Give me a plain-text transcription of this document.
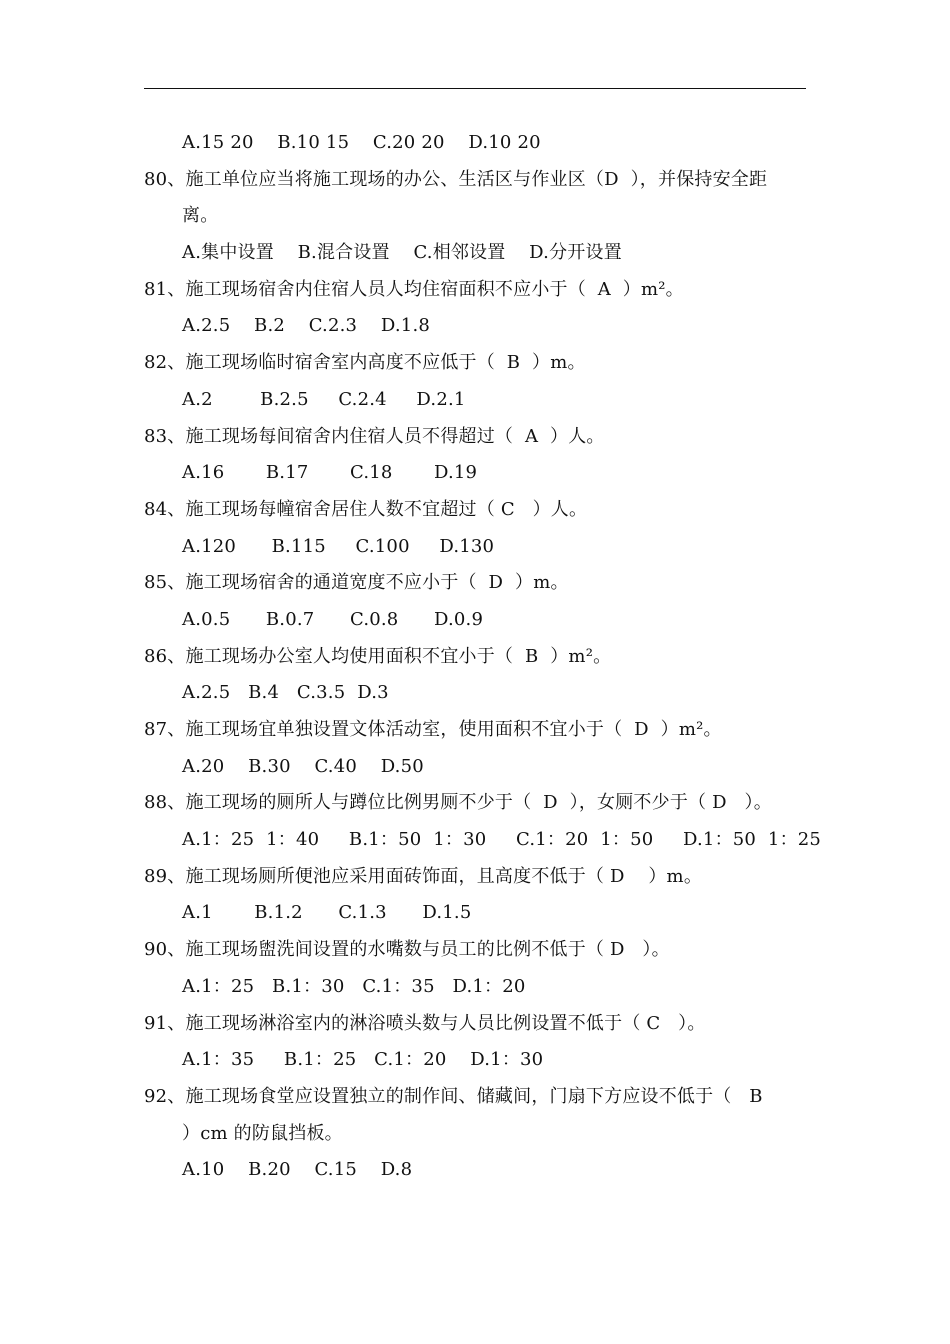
A.15 20    B.10 15    C.20 20    D.10 20
80、施工单位应当将施工现场的办公、生活区与作业区（D  ），并保持安全距
离。
A.集中设置    B.混合设置    C.相邻设置    D.分开设置
81、施工现场宿舍内住宿人员人均住宿面积不应小于（  A  ）m²。
A.2.5    B.2    C.2.3    D.1.8
82、施工现场临时宿舍室内高度不应低于（  B  ）m。
A.2        B.2.5     C.2.4     D.2.1
83、施工现场每间宿舍内住宿人员不得超过（  A  ）人。
A.16       B.17       C.18       D.19
84、施工现场每幢宿舍居住人数不宜超过（ C   ）人。
A.120      B.115     C.100     D.130
85、施工现场宿舍的通道宽度不应小于（  D  ）m。
A.0.5      B.0.7      C.0.8      D.0.9
86、施工现场办公室人均使用面积不宜小于（  B  ）m²。
A.2.5   B.4   C.3.5  D.3
87、施工现场宜单独设置文体活动室，使用面积不宜小于（  D  ）m²。
A.20    B.30    C.40    D.50
88、施工现场的厕所人与蹲位比例男厕不少于（  D  ），女厕不少于（ D   ）。
A.1：25  1：40     B.1：50  1：30     C.1：20  1：50     D.1：50  1：25
89、施工现场厕所便池应采用面砖饰面，且高度不低于（ D    ）m。
A.1       B.1.2      C.1.3      D.1.5
90、施工现场盥洗间设置的水嘴数与员工的比例不低于（ D   ）。
A.1：25   B.1：30   C.1：35   D.1：20
91、施工现场淋浴室内的淋浴喷头数与人员比例设置不低于（ C   ）。
A.1：35     B.1：25   C.1：20    D.1：30
92、施工现场食堂应设置独立的制作间、储藏间，门扇下方应设不低于（   B
）cm 的防鼠挡板。
A.10    B.20    C.15    D.8
